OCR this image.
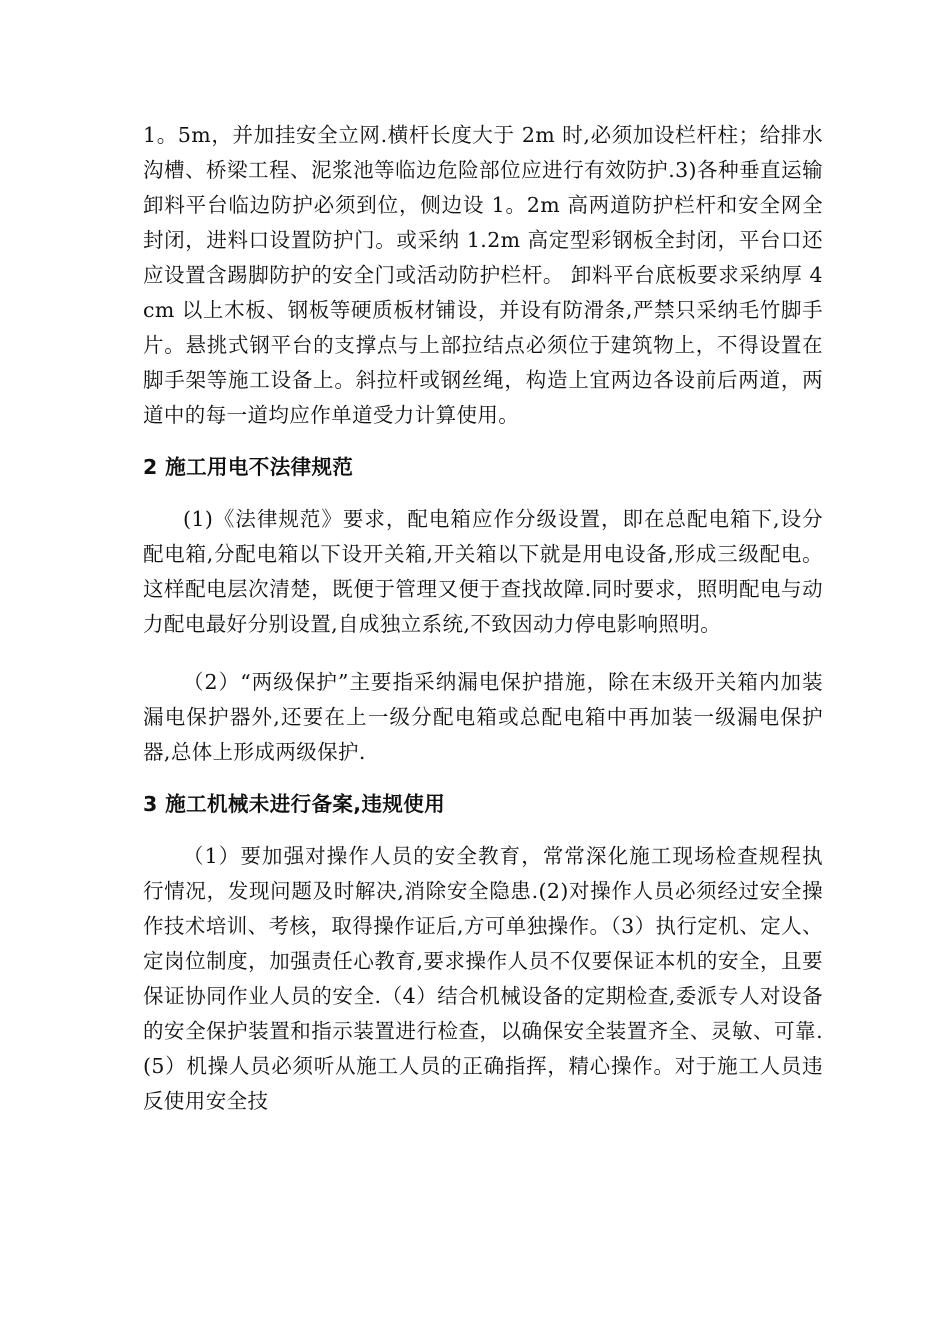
1。5m，并加挂安全立网.横杆长度大于 2m 时,必须加设栏杆柱；给排水沟槽、桥梁工程、泥浆池等临边危险部位应进行有效防护.3)各种垂直运输卸料平台临边防护必须到位，侧边设 1。2m 高两道防护栏杆和安全网全封闭，进料口设置防护门。或采纳 1.2m 高定型彩钢板全封闭，平台口还应设置含踢脚防护的安全门或活动防护栏杆。 卸料平台底板要求采纳厚 4cm 以上木板、钢板等硬质板材铺设，并设有防滑条,严禁只采纳毛竹脚手片。悬挑式钢平台的支撑点与上部拉结点必须位于建筑物上，不得设置在脚手架等施工设备上。斜拉杆或钢丝绳，构造上宜两边各设前后两道，两道中的每一道均应作单道受力计算使用。

2 施工用电不法律规范

(1)《法律规范》要求，配电箱应作分级设置，即在总配电箱下,设分配电箱,分配电箱以下设开关箱,开关箱以下就是用电设备,形成三级配电。这样配电层次清楚，既便于管理又便于查找故障.同时要求，照明配电与动力配电最好分别设置,自成独立系统,不致因动力停电影响照明。

（2）“两级保护”主要指采纳漏电保护措施，除在末级开关箱内加装漏电保护器外,还要在上一级分配电箱或总配电箱中再加装一级漏电保护器,总体上形成两级保护.

3 施工机械未进行备案,违规使用

（1）要加强对操作人员的安全教育，常常深化施工现场检查规程执行情况，发现问题及时解决,消除安全隐患.(2)对操作人员必须经过安全操作技术培训、考核，取得操作证后,方可单独操作。（3）执行定机、定人、定岗位制度，加强责任心教育,要求操作人员不仅要保证本机的安全，且要保证协同作业人员的安全.（4）结合机械设备的定期检查,委派专人对设备的安全保护装置和指示装置进行检查，以确保安全装置齐全、灵敏、可靠.(5）机操人员必须听从施工人员的正确指挥，精心操作。对于施工人员违反使用安全技
